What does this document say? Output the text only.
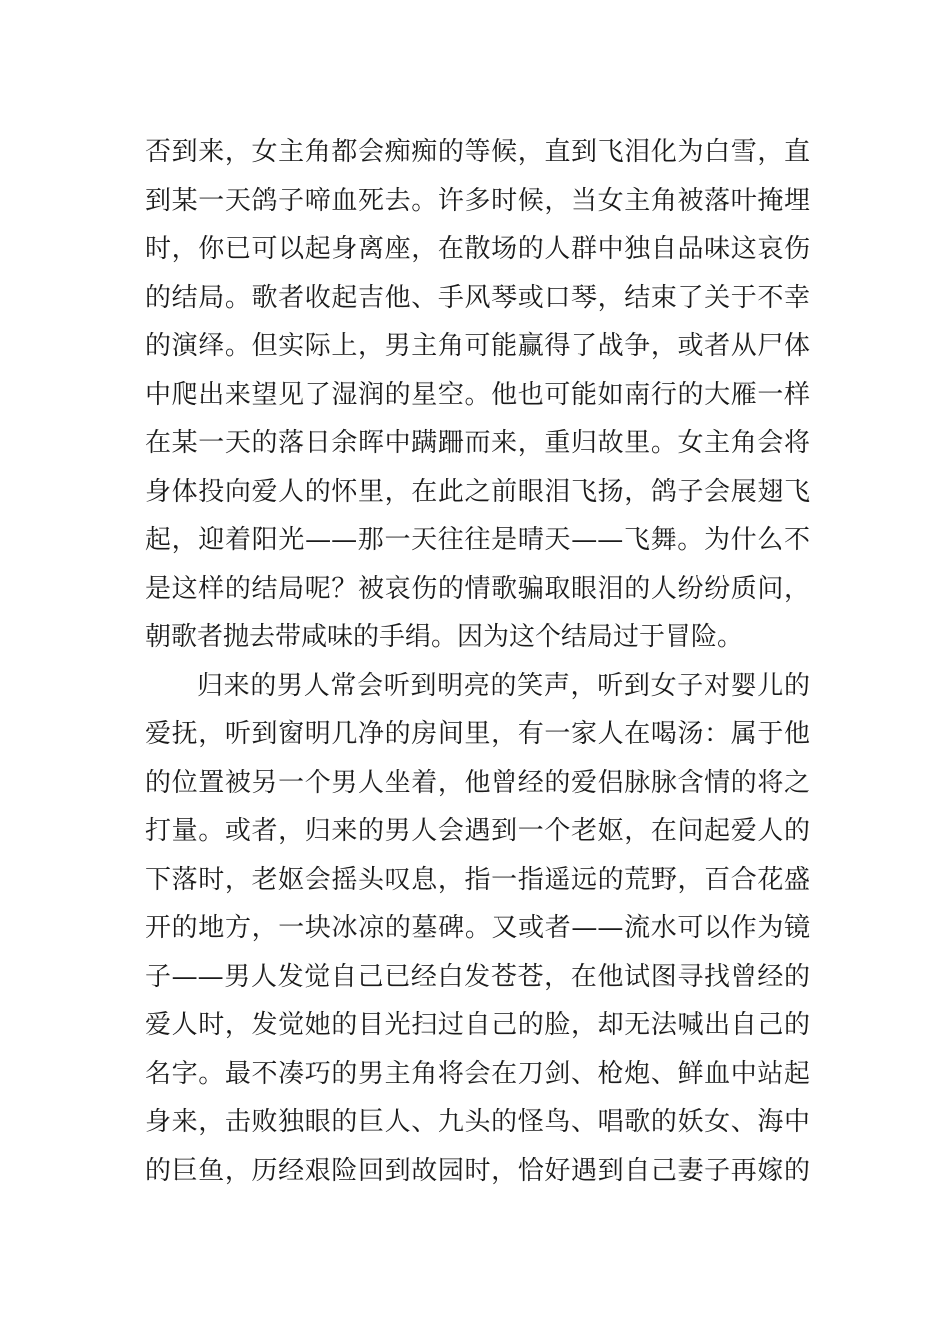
否到来，女主角都会痴痴的等候，直到飞泪化为白雪，直
到某一天鸽子啼血死去。许多时候，当女主角被落叶掩埋
时，你已可以起身离座，在散场的人群中独自品味这哀伤
的结局。歌者收起吉他、手风琴或口琴，结束了关于不幸
的演绎。但实际上，男主角可能赢得了战争，或者从尸体
中爬出来望见了湿润的星空。他也可能如南行的大雁一样
在某一天的落日余晖中蹒跚而来，重归故里。女主角会将
身体投向爱人的怀里，在此之前眼泪飞扬，鸽子会展翅飞
起，迎着阳光——那一天往往是晴天——飞舞。为什么不
是这样的结局呢？被哀伤的情歌骗取眼泪的人纷纷质问，
朝歌者抛去带咸味的手绢。因为这个结局过于冒险。
归来的男人常会听到明亮的笑声，听到女子对婴儿的
爱抚，听到窗明几净的房间里，有一家人在喝汤：属于他
的位置被另一个男人坐着，他曾经的爱侣脉脉含情的将之
打量。或者，归来的男人会遇到一个老妪，在问起爱人的
下落时，老妪会摇头叹息，指一指遥远的荒野，百合花盛
开的地方，一块冰凉的墓碑。又或者——流水可以作为镜
子——男人发觉自己已经白发苍苍，在他试图寻找曾经的
爱人时，发觉她的目光扫过自己的脸，却无法喊出自己的
名字。最不凑巧的男主角将会在刀剑、枪炮、鲜血中站起
身来，击败独眼的巨人、九头的怪鸟、唱歌的妖女、海中
的巨鱼，历经艰险回到故园时，恰好遇到自己妻子再嫁的
